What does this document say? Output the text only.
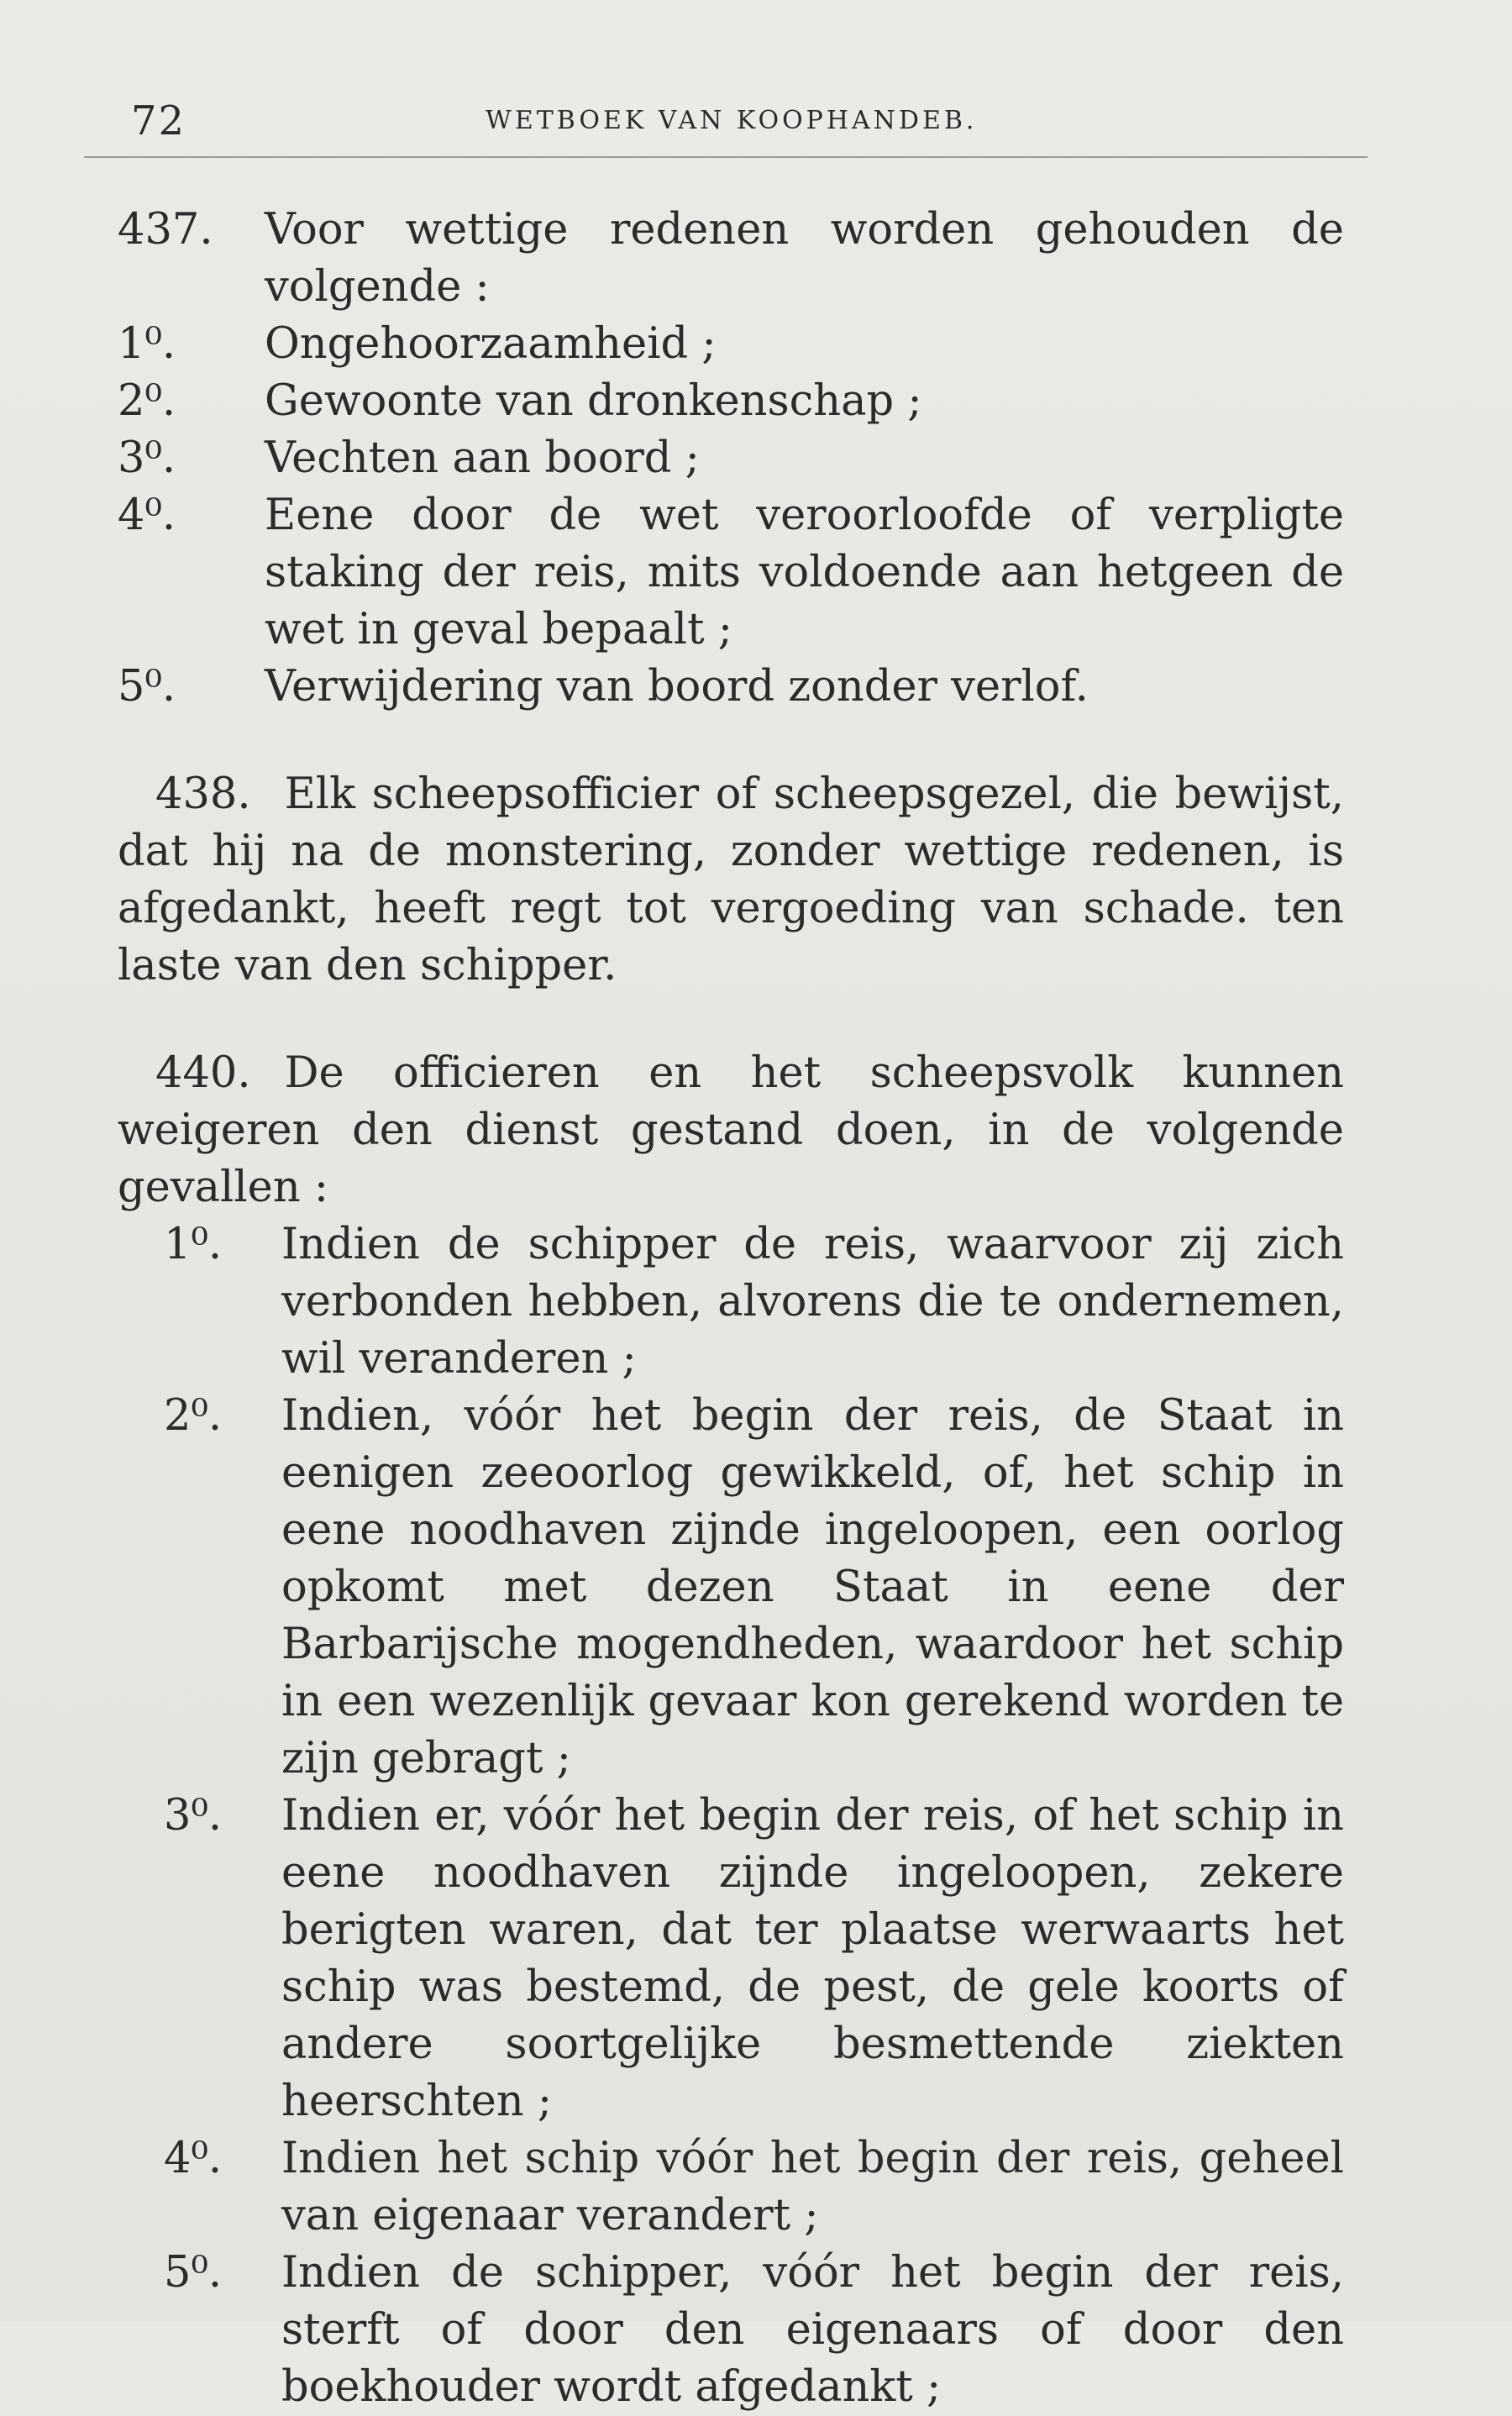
72	WETBOEK VAN KOOPHANDEB.
437.	Voor wettige redenen worden gehouden de volgende :
1⁰.	Ongehoorzaamheid ;
2⁰.	Gewoonte van dronkenschap ;
3⁰.	Vechten aan boord ;
4⁰.	Eene door de wet veroorloofde of verpligte staking der reis, mits voldoende aan hetgeen de wet in geval bepaalt ;
5⁰.	Verwijdering van boord zonder verlof.

438. Elk scheepsofficier of scheepsgezel, die bewijst, dat hij na de monstering, zonder wettige redenen, is afgedankt, heeft regt tot vergoeding van schade. ten laste van den schipper.

440. De officieren en het scheepsvolk kunnen weigeren den dienst gestand doen, in de volgende gevallen :

1⁰.	Indien de schipper de reis, waarvoor zij zich verbonden hebben, alvorens die te ondernemen, wil veranderen ;
2⁰.	Indien, vóór het begin der reis, de Staat in eenigen zeeoorlog gewikkeld, of, het schip in eene noodhaven zijnde ingeloopen, een oorlog opkomt met dezen Staat in eene der Barbarijsche mogendheden, waardoor het schip in een wezenlijk gevaar kon gerekend worden te zijn gebragt ;
3⁰.	Indien er, vóór het begin der reis, of het schip in eene noodhaven zijnde ingeloopen, zekere berigten waren, dat ter plaatse werwaarts het schip was bestemd, de pest, de gele koorts of andere soortgelijke besmettende ziekten heerschten ;
4⁰.	Indien het schip vóór het begin der reis, geheel van eigenaar verandert ;
5⁰.	Indien de schipper, vóór het begin der reis, sterft of door den eigenaars of door den boekhouder wordt afgedankt ;
